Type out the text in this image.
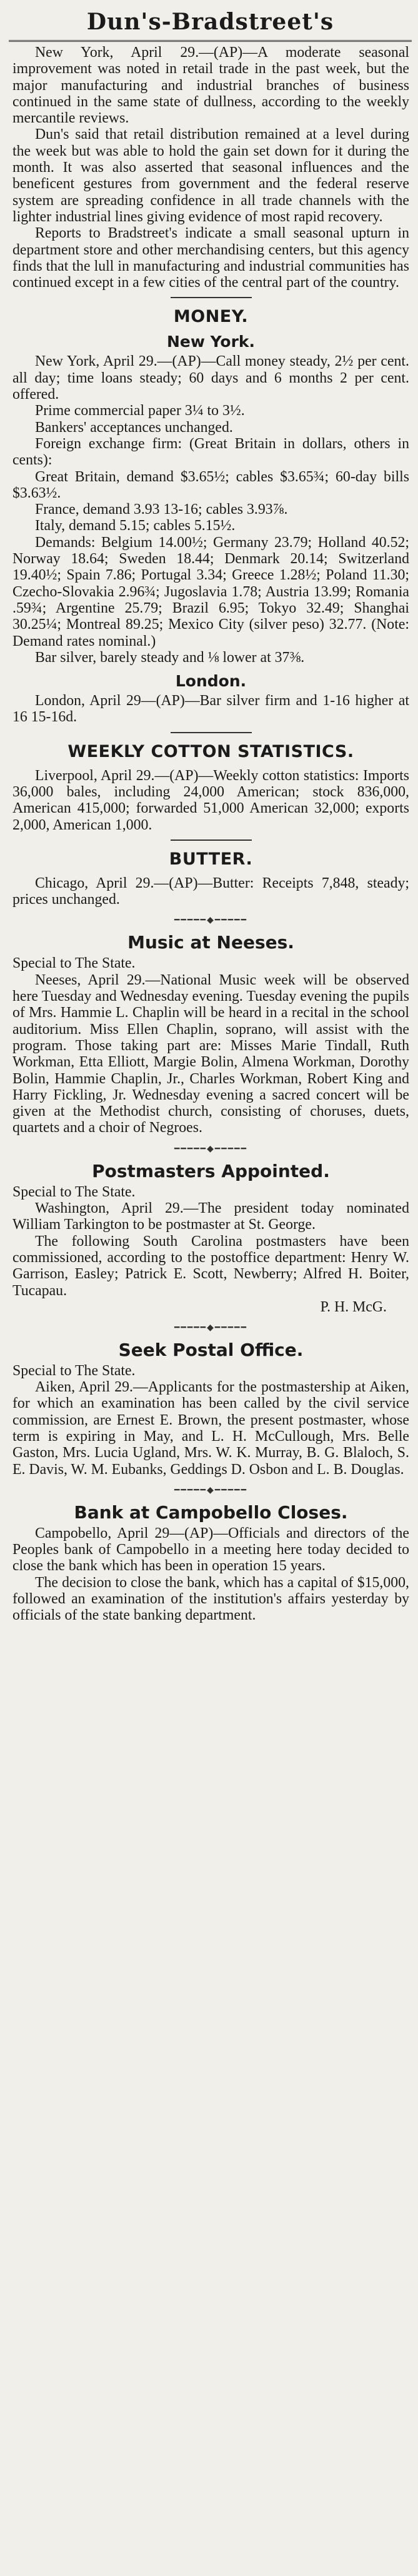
Dun's-Bradstreet's

New York, April 29.—(AP)—A moderate seasonal improvement was noted in retail trade in the past week, but the major manufacturing and industrial branches of business continued in the same state of dullness, according to the weekly mercantile reviews.

Dun's said that retail distribution remained at a level during the week but was able to hold the gain set down for it during the month. It was also asserted that seasonal influences and the beneficent gestures from government and the federal reserve system are spreading confidence in all trade channels with the lighter industrial lines giving evidence of most rapid recovery.

Reports to Bradstreet's indicate a small seasonal upturn in department store and other merchandising centers, but this agency finds that the lull in manufacturing and industrial communities has continued except in a few cities of the central part of the country.

MONEY.
New York.

New York, April 29.—(AP)—Call money steady, 2½ per cent. all day; time loans steady; 60 days and 6 months 2 per cent. offered.

Prime commercial paper 3¼ to 3½.

Bankers' acceptances unchanged.

Foreign exchange firm: (Great Britain in dollars, others in cents):

Great Britain, demand $3.65½; cables $3.65¾; 60-day bills $3.63½.

France, demand 3.93 13-16; cables 3.93⅞.

Italy, demand 5.15; cables 5.15½.

Demands: Belgium 14.00½; Germany 23.79; Holland 40.52; Norway 18.64; Sweden 18.44; Denmark 20.14; Switzerland 19.40½; Spain 7.86; Portugal 3.34; Greece 1.28½; Poland 11.30; Czecho-Slovakia 2.96¾; Jugoslavia 1.78; Austria 13.99; Romania .59¾; Argentine 25.79; Brazil 6.95; Tokyo 32.49; Shanghai 30.25¼; Montreal 89.25; Mexico City (silver peso) 32.77. (Note: Demand rates nominal.)

Bar silver, barely steady and ⅛ lower at 37⅜.

London.

London, April 29—(AP)—Bar silver firm and 1-16 higher at 16 15-16d.

WEEKLY COTTON STATISTICS.

Liverpool, April 29.—(AP)—Weekly cotton statistics: Imports 36,000 bales, including 24,000 American; stock 836,000, American 415,000; forwarded 51,000 American 32,000; exports 2,000, American 1,000.

BUTTER.

Chicago, April 29.—(AP)—Butter: Receipts 7,848, steady; prices unchanged.

━━━━━◆━━━━━
Music at Neeses.

Special to The State.

Neeses, April 29.—National Music week will be observed here Tuesday and Wednesday evening. Tuesday evening the pupils of Mrs. Hammie L. Chaplin will be heard in a recital in the school auditorium. Miss Ellen Chaplin, soprano, will assist with the program. Those taking part are: Misses Marie Tindall, Ruth Workman, Etta Elliott, Margie Bolin, Almena Workman, Dorothy Bolin, Hammie Chaplin, Jr., Charles Workman, Robert King and Harry Fickling, Jr. Wednesday evening a sacred concert will be given at the Methodist church, consisting of choruses, duets, quartets and a choir of Negroes.

━━━━━◆━━━━━
Postmasters Appointed.

Special to The State.

Washington, April 29.—The president today nominated William Tarkington to be postmaster at St. George.

The following South Carolina postmasters have been commissioned, according to the postoffice department: Henry W. Garrison, Easley; Patrick E. Scott, Newberry; Alfred H. Boiter, Tucapau.

P. H. McG.
━━━━━◆━━━━━
Seek Postal Office.

Special to The State.

Aiken, April 29.—Applicants for the postmastership at Aiken, for which an examination has been called by the civil service commission, are Ernest E. Brown, the present postmaster, whose term is expiring in May, and L. H. McCullough, Mrs. Belle Gaston, Mrs. Lucia Ugland, Mrs. W. K. Murray, B. G. Blaloch, S. E. Davis, W. M. Eubanks, Geddings D. Osbon and L. B. Douglas.

━━━━━◆━━━━━
Bank at Campobello Closes.

Campobello, April 29—(AP)—Officials and directors of the Peoples bank of Campobello in a meeting here today decided to close the bank which has been in operation 15 years.

The decision to close the bank, which has a capital of $15,000, followed an examination of the institution's affairs yesterday by officials of the state banking department.
